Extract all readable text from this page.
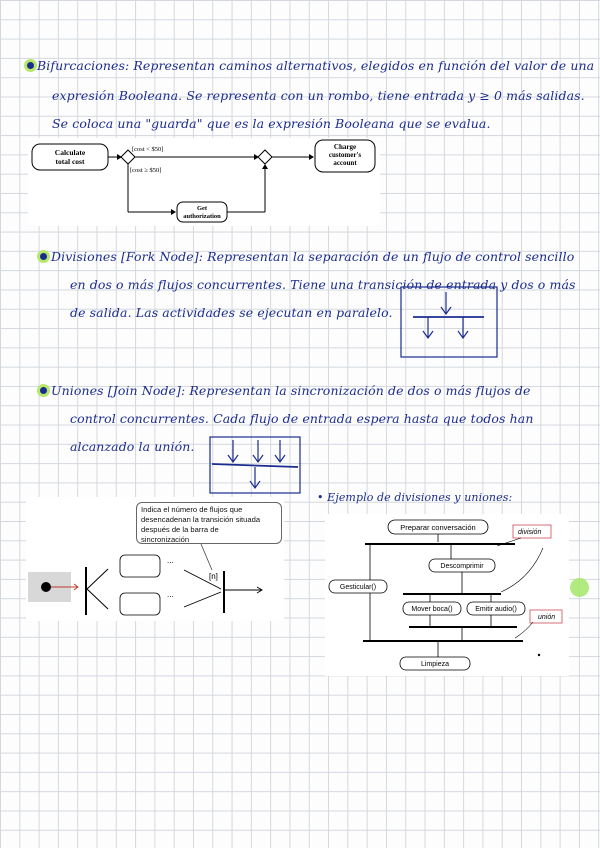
Bifurcaciones: Representan caminos alternativos, elegidos en función del valor de una
expresión Booleana. Se representa con un rombo, tiene entrada y ≥ 0 más salidas.
Se coloca una "guarda" que es la expresión Booleana que se evalua.
Calculate
total cost
[cost < $50]
[cost ≥ $50]
Charge
customer's
account
Get
authorization
Divisiones [Fork Node]: Representan la separación de un flujo de control sencillo
en dos o más flujos concurrentes. Tiene una transición de entrada y dos o más
de salida. Las actividades se ejecutan en paralelo.
Uniones [Join Node]: Representan la sincronización de dos o más flujos de
control concurrentes. Cada flujo de entrada espera hasta que todos han
alcanzado la unión.
Indica el número de flujos que
desencadenan la transición situada
después de la barra de
sincronización
...
...
[n]
• Ejemplo de divisiones y uniones:
Preparar conversación
división
Descomprimir
Gesticular()
Mover boca()	Emitir audio()
unión
Limpieza
